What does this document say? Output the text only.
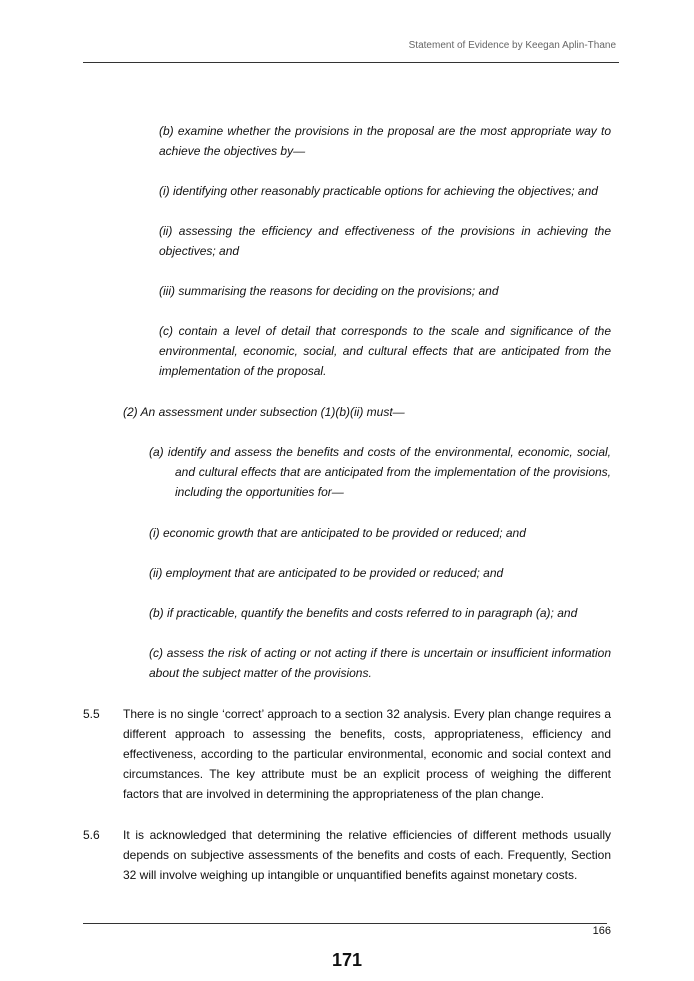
Statement of Evidence by Keegan Aplin-Thane
(b) examine whether the provisions in the proposal are the most appropriate way to achieve the objectives by—
(i) identifying other reasonably practicable options for achieving the objectives; and
(ii) assessing the efficiency and effectiveness of the provisions in achieving the objectives; and
(iii) summarising the reasons for deciding on the provisions; and
(c) contain a level of detail that corresponds to the scale and significance of the environmental, economic, social, and cultural effects that are anticipated from the implementation of the proposal.
(2) An assessment under subsection (1)(b)(ii) must—
(a) identify and assess the benefits and costs of the environmental, economic, social, and cultural effects that are anticipated from the implementation of the provisions, including the opportunities for—
(i) economic growth that are anticipated to be provided or reduced; and
(ii) employment that are anticipated to be provided or reduced; and
(b) if practicable, quantify the benefits and costs referred to in paragraph (a); and
(c) assess the risk of acting or not acting if there is uncertain or insufficient information about the subject matter of the provisions.
5.5 There is no single ‘correct’ approach to a section 32 analysis. Every plan change requires a different approach to assessing the benefits, costs, appropriateness, efficiency and effectiveness, according to the particular environmental, economic and social context and circumstances. The key attribute must be an explicit process of weighing the different factors that are involved in determining the appropriateness of the plan change.
5.6 It is acknowledged that determining the relative efficiencies of different methods usually depends on subjective assessments of the benefits and costs of each. Frequently, Section 32 will involve weighing up intangible or unquantified benefits against monetary costs.
166
171
